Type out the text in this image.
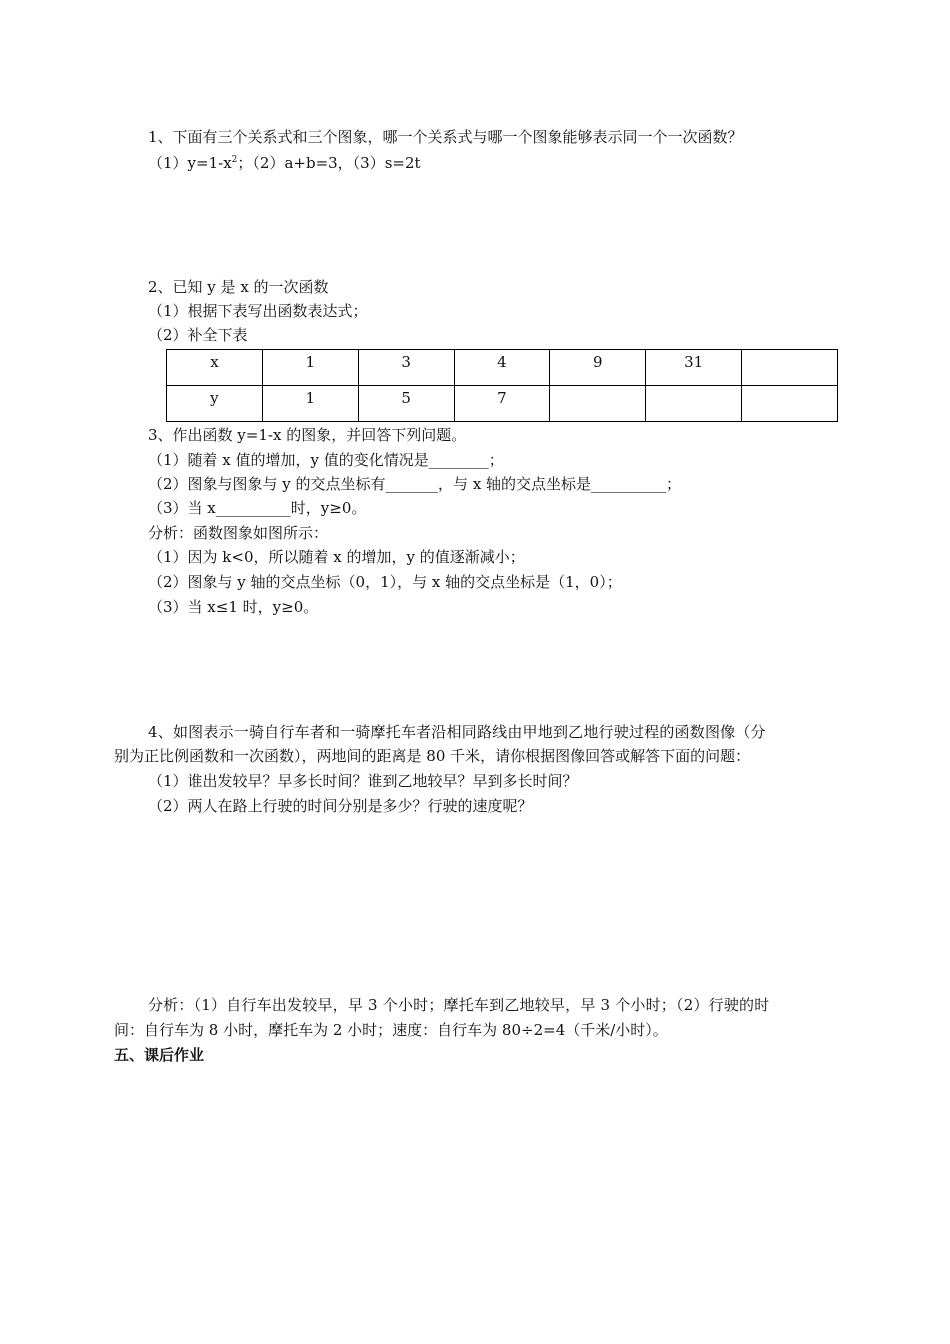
1、下面有三个关系式和三个图象，哪一个关系式与哪一个图象能够表示同一个一次函数？
$(1)y=1-x^2$；（2）a+b=3，（3）s=2t
2、已知 y 是 x 的一次函数
（1）根据下表写出函数表达式；
（2）补全下表
x	1	3	4	9	31	
y	1	5	7			
3、作出函数 y=1-x 的图象，并回答下列问题。
（1）随着 x 值的增加，y 值的变化情况是________；
（2）图象与图象与 y 的交点坐标有_______，与 x 轴的交点坐标是__________；
（3）当 x__________时，y≥0。
分析：函数图象如图所示：
（1）因为 k<0，所以随着 x 的增加，y 的值逐渐减小；
（2）图象与 y 轴的交点坐标（0，1），与 x 轴的交点坐标是（1，0）；
（3）当 x≤1 时，y≥0。
4、如图表示一骑自行车者和一骑摩托车者沿相同路线由甲地到乙地行驶过程的函数图像（分
别为正比例函数和一次函数），两地间的距离是 80 千米，请你根据图像回答或解答下面的问题：
（1）谁出发较早？早多长时间？谁到乙地较早？早到多长时间？
（2）两人在路上行驶的时间分别是多少？行驶的速度呢？
分析：（1）自行车出发较早，早 3 个小时；摩托车到乙地较早，早 3 个小时；（2）行驶的时
间：自行车为 8 小时，摩托车为 2 小时；速度：自行车为 80÷2=4（千米/小时）。
五、课后作业
